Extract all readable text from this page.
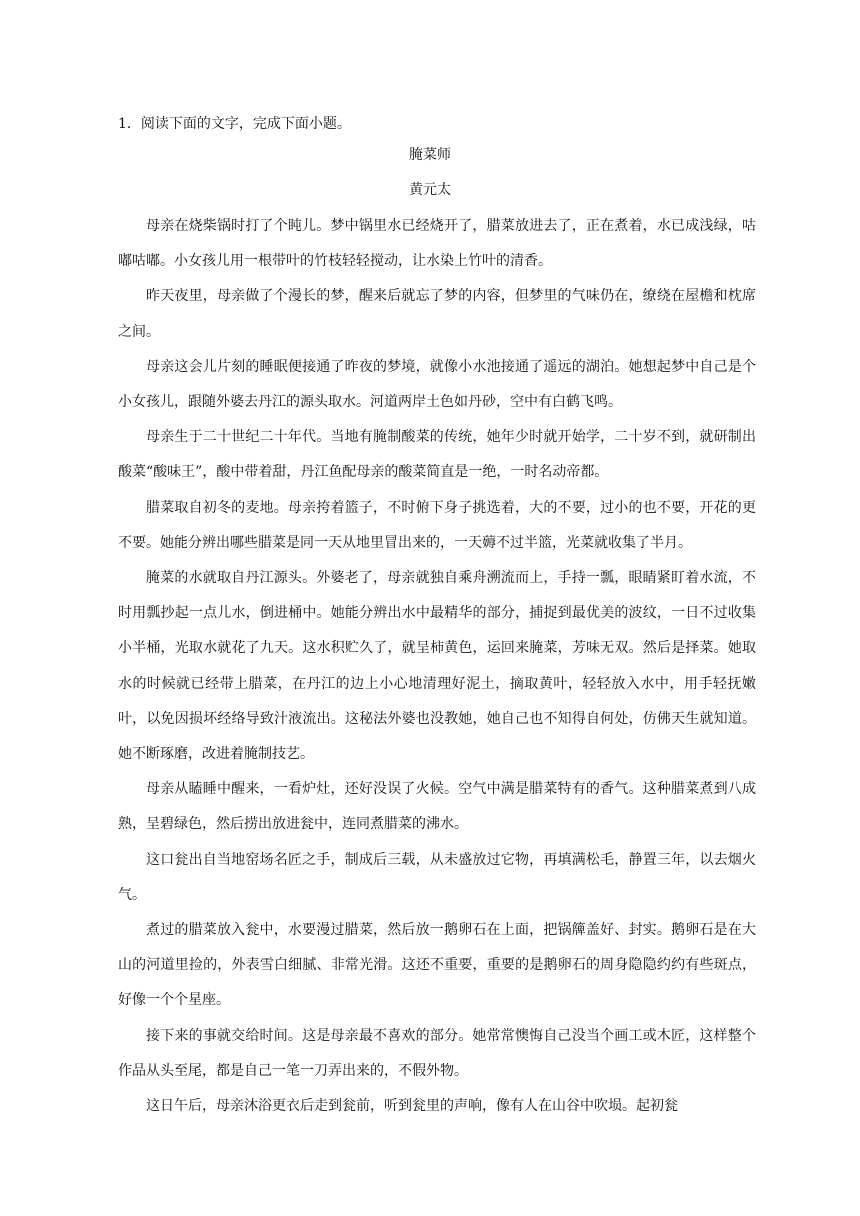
1．阅读下面的文字，完成下面小题。
腌菜师
黄元太

母亲在烧柴锅时打了个盹儿。梦中锅里水已经烧开了，腊菜放进去了，正在煮着，水已成浅绿，咕嘟咕嘟。小女孩儿用一根带叶的竹枝轻轻搅动，让水染上竹叶的清香。

昨天夜里，母亲做了个漫长的梦，醒来后就忘了梦的内容，但梦里的气味仍在，缭绕在屋檐和枕席之间。

母亲这会儿片刻的睡眠便接通了昨夜的梦境，就像小水池接通了遥远的湖泊。她想起梦中自己是个小女孩儿，跟随外婆去丹江的源头取水。河道两岸土色如丹砂，空中有白鹤飞鸣。

母亲生于二十世纪二十年代。当地有腌制酸菜的传统，她年少时就开始学，二十岁不到，就研制出酸菜“酸味王”，酸中带着甜，丹江鱼配母亲的酸菜简直是一绝，一时名动帝都。

腊菜取自初冬的麦地。母亲挎着篮子，不时俯下身子挑选着，大的不要，过小的也不要，开花的更不要。她能分辨出哪些腊菜是同一天从地里冒出来的，一天薅不过半篮，光菜就收集了半月。

腌菜的水就取自丹江源头。外婆老了，母亲就独自乘舟溯流而上，手持一瓢，眼睛紧盯着水流，不时用瓢抄起一点儿水，倒进桶中。她能分辨出水中最精华的部分，捕捉到最优美的波纹，一日不过收集小半桶，光取水就花了九天。这水积贮久了，就呈柿黄色，运回来腌菜，芳味无双。然后是择菜。她取水的时候就已经带上腊菜，在丹江的边上小心地清理好泥土，摘取黄叶，轻轻放入水中，用手轻抚嫩叶，以免因损坏经络导致汁液流出。这秘法外婆也没教她，她自己也不知得自何处，仿佛天生就知道。她不断琢磨，改进着腌制技艺。

母亲从瞌睡中醒来，一看炉灶，还好没误了火候。空气中满是腊菜特有的香气。这种腊菜煮到八成熟，呈碧绿色，然后捞出放进瓮中，连同煮腊菜的沸水。

这口瓮出自当地窑场名匠之手，制成后三载，从未盛放过它物，再填满松毛，静置三年，以去烟火气。

煮过的腊菜放入瓮中，水要漫过腊菜，然后放一鹅卵石在上面，把锅簰盖好、封实。鹅卵石是在大山的河道里捡的，外表雪白细腻、非常光滑。这还不重要，重要的是鹅卵石的周身隐隐约约有些斑点，好像一个个星座。

接下来的事就交给时间。这是母亲最不喜欢的部分。她常常懊悔自己没当个画工或木匠，这样整个作品从头至尾，都是自己一笔一刀弄出来的，不假外物。

这日午后，母亲沐浴更衣后走到瓮前，听到瓮里的声响，像有人在山谷中吹埙。起初瓮
